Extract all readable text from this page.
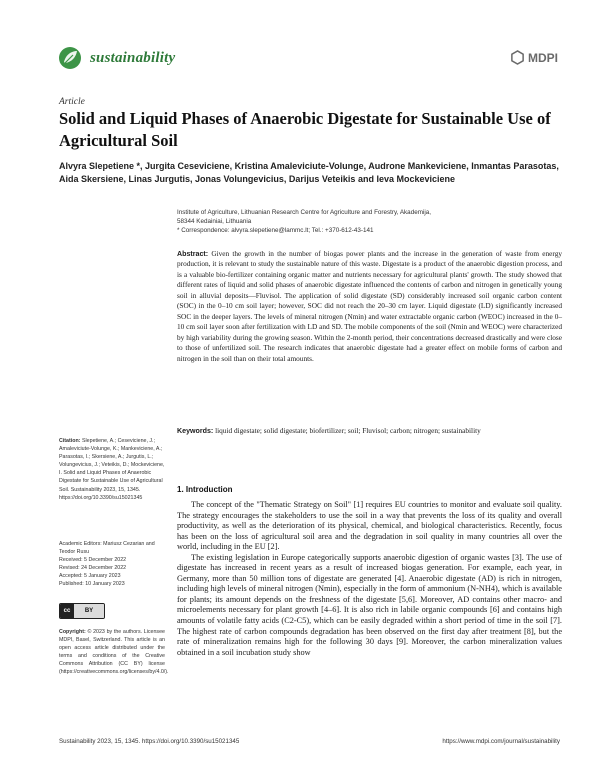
sustainability	MDPI
Article
Solid and Liquid Phases of Anaerobic Digestate for Sustainable Use of Agricultural Soil
Alvyra Slepetiene *, Jurgita Ceseviciene, Kristina Amaleviciute-Volunge, Audrone Mankeviciene, Inmantas Parasotas, Aida Skersiene, Linas Jurgutis, Jonas Volungevicius, Darijus Veteikis and Ieva Mockeviciene
Institute of Agriculture, Lithuanian Research Centre for Agriculture and Forestry, Akademija,
58344 Kedainiai, Lithuania
* Correspondence: alvyra.slepetiene@lammc.lt; Tel.: +370-612-43-141
Abstract: Given the growth in the number of biogas power plants and the increase in the generation of waste from energy production, it is relevant to study the sustainable nature of this waste. Digestate is a product of the anaerobic digestion process, and is a valuable bio-fertilizer containing organic matter and nutrients necessary for agricultural plants' growth. The study showed that different rates of liquid and solid phases of anaerobic digestate influenced the contents of carbon and nitrogen in genetically young soil in alluvial deposits—Fluvisol. The application of solid digestate (SD) considerably increased soil organic carbon content (SOC) in the 0–10 cm soil layer; however, SOC did not reach the 20–30 cm layer. Liquid digestate (LD) significantly increased SOC in the deeper layers. The levels of mineral nitrogen (Nmin) and water extractable organic carbon (WEOC) increased in the 0–10 cm soil layer soon after fertilization with LD and SD. The mobile components of the soil (Nmin and WEOC) were characterized by high variability during the growing season. Within the 2-month period, their concentrations decreased drastically and were close to those of unfertilized soil. The research indicates that anaerobic digestate had a greater effect on mobile forms of carbon and nitrogen in the soil than on their total amounts.
Keywords: liquid digestate; solid digestate; biofertilizer; soil; Fluvisol; carbon; nitrogen; sustainability
Citation: Slepetiene, A.; Ceseviciene, J.; Amaleviciute-Volunge, K.; Mankeviciene, A.; Parasotas, I.; Skersiene, A.; Jurgutis, L.; Volungevicius, J.; Veteikis, D.; Mockeviciene, I. Solid and Liquid Phases of Anaerobic Digestate for Sustainable Use of Agricultural Soil. Sustainability 2023, 15, 1345. https://doi.org/10.3390/su15021345
Academic Editors: Mariusz Cezarian and Teodor Rusu
Received: 5 December 2022
Revised: 24 December 2022
Accepted: 5 January 2023
Published: 10 January 2023
cc	BY
Copyright: © 2023 by the authors. Licensee MDPI, Basel, Switzerland. This article is an open access article distributed under the terms and conditions of the Creative Commons Attribution (CC BY) license (https://creativecommons.org/licenses/by/4.0/).
1. Introduction

The concept of the "Thematic Strategy on Soil" [1] requires EU countries to monitor and evaluate soil quality. The strategy encourages the stakeholders to use the soil in a way that prevents the loss of its quality and overall productivity, as well as the deterioration of its physical, chemical, and biological characteristics. Recently, focus has been on the loss of agricultural soil area and the degradation in soil quality in many countries all over the world, including in the EU [2].

The existing legislation in Europe categorically supports anaerobic digestion of organic wastes [3]. The use of digestate has increased in recent years as a result of increased biogas generation. For example, each year, in Germany, more than 50 million tons of digestate are generated [4]. Anaerobic digestate (AD) is rich in nitrogen, including high levels of mineral nitrogen (Nmin), especially in the form of ammonium (N-NH4), which is available for plants; its amount depends on the freshness of the digestate [5,6]. Moreover, AD contains other macro- and microelements necessary for plant growth [4–6]. It is also rich in labile organic compounds [6] and contains high amounts of volatile fatty acids (C2-C5), which can be easily degraded within a short period of time in the soil [7]. The highest rate of carbon compounds degradation has been observed on the first day after treatment [8], but the rate of mineralization remains high for the following 30 days [9]. Moreover, the carbon mineralization values obtained in a soil incubation study show

Sustainability 2023, 15, 1345. https://doi.org/10.3390/su15021345	https://www.mdpi.com/journal/sustainability
